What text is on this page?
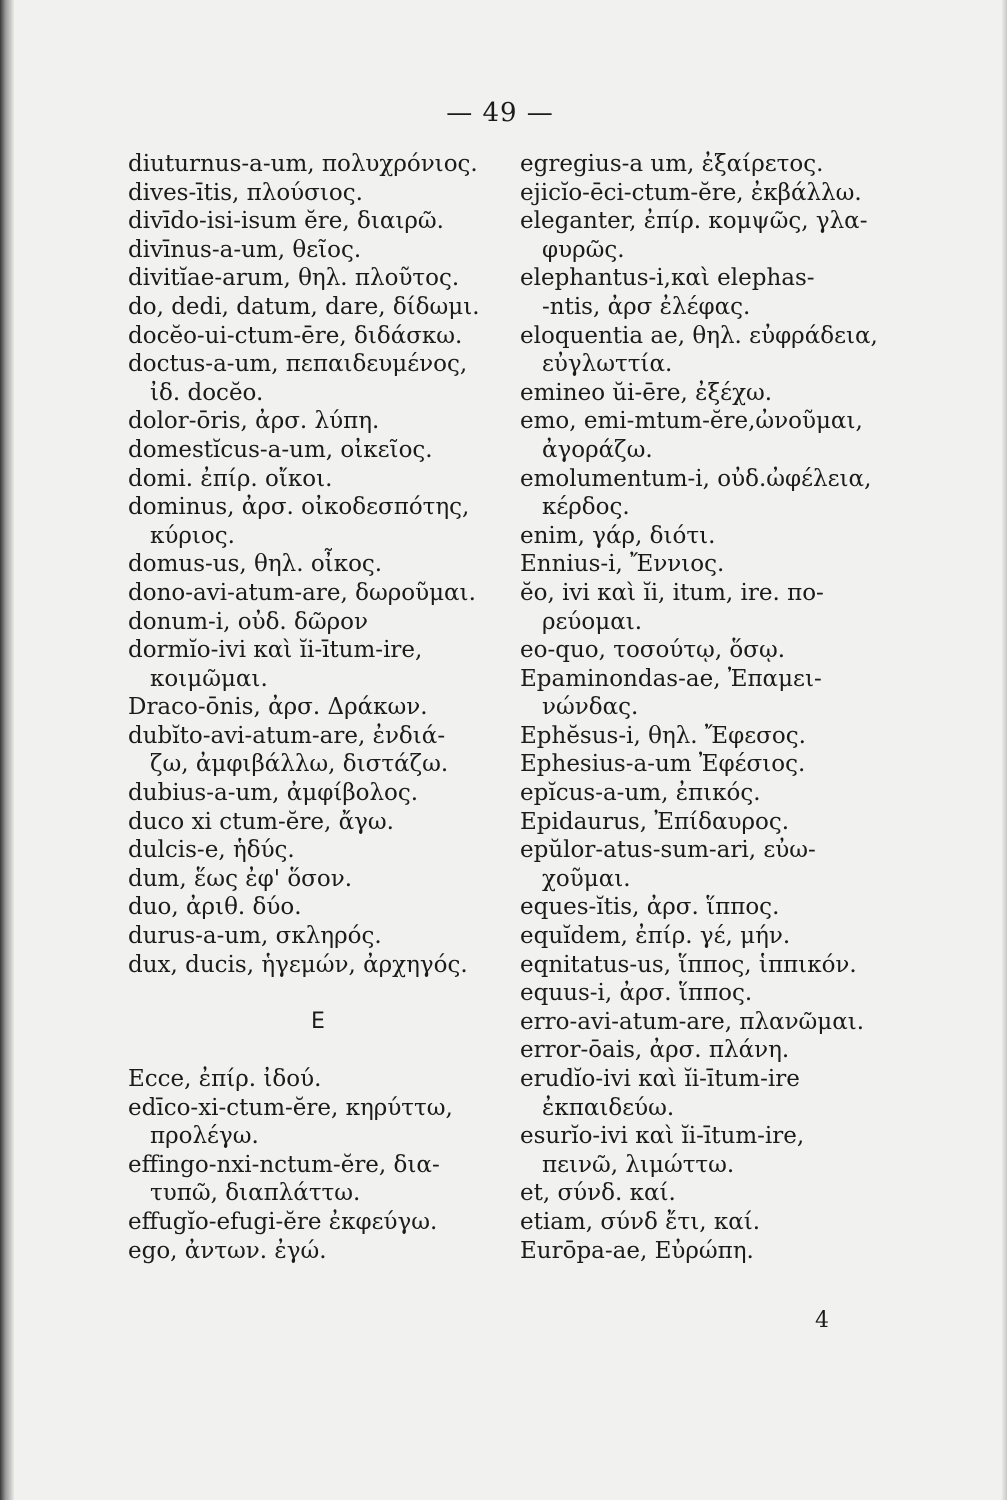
— 49 —
diuturnus-a-um, πολυχρόνιος.
dives-ītis, πλούσιος.
divīdo-isi-isum ĕre, διαιρῶ.
divīnus-a-um, θεῖος.
divitĭae-arum, θηλ. πλοῦτος.
do, dedi, datum, dare, δίδωμι.
docĕo-ui-ctum-ēre, διδάσκω.
doctus-a-um, πεπαιδευμένος,
ἰδ. docĕo.
dolor-ōris, ἀρσ. λύπη.
domestĭcus-a-um, οἰκεῖος.
domi. ἐπίρ. οἴκοι.
dominus, ἀρσ. οἰκοδεσπότης,
κύριος.
domus-us, θηλ. οἶκος.
dono-avi-atum-are, δωροῦμαι.
donum-i, οὐδ. δῶρον
dormĭo-ivi καὶ ĭi-ītum-ire,
κοιμῶμαι.
Draco-ōnis, ἀρσ. Δράκων.
dubĭto-avi-atum-are, ἐνδιά-
ζω, ἀμφιβάλλω, διστάζω.
dubius-a-um, ἀμφίβολος.
duco xi ctum-ĕre, ἄγω.
dulcis-e, ἡδύς.
dum, ἕως ἐφ' ὅσον.
duo, ἀριθ. δύο.
durus-a-um, σκληρός.
dux, ducis, ἡγεμών, ἀρχηγός.
E
Ecce, ἐπίρ. ἰδού.
edīco-xi-ctum-ĕre, κηρύττω,
προλέγω.
effingo-nxi-nctum-ĕre, δια-
τυπῶ, διαπλάττω.
effugĭo-efugi-ĕre ἐκφεύγω.
ego, ἀντων. ἐγώ.
egregius-a um, ἐξαίρετος.
ejicĭo-ēci-ctum-ĕre, ἐκβάλλω.
eleganter, ἐπίρ. κομψῶς, γλα-
φυρῶς.
elephantus-i,καὶ elephas-
-ntis, ἀρσ ἐλέφας.
eloquentia ae, θηλ. εὐφράδεια,
εὐγλωττία.
emineo ŭi-ēre, ἐξέχω.
emo, emi-mtum-ĕre,ὠνοῦμαι,
ἀγοράζω.
emolumentum-i, οὐδ.ὠφέλεια,
κέρδος.
enim, γάρ, διότι.
Ennius-i, Ἔννιος.
ĕo, ivi καὶ ĭi, itum, ire. πο-
ρεύομαι.
eo-quo, τοσούτῳ, ὅσῳ.
Epaminondas-ae, Ἐπαμει-
νώνδας.
Ephĕsus-i, θηλ. Ἔφεσος.
Ephesius-a-um Ἐφέσιος.
epĭcus-a-um, ἐπικός.
Epidaurus, Ἐπίδαυρος.
epŭlor-atus-sum-ari, εὐω-
χοῦμαι.
eques-ĭtis, ἀρσ. ἵππος.
equĭdem, ἐπίρ. γέ, μήν.
eqnitatus-us, ἵππος, ἱππικόν.
equus-i, ἀρσ. ἵππος.
erro-avi-atum-are, πλανῶμαι.
error-ōais, ἀρσ. πλάνη.
erudĭo-ivi καὶ ĭi-ītum-ire
ἐκπαιδεύω.
esurĭo-ivi καὶ ĭi-ītum-ire,
πεινῶ, λιμώττω.
et, σύνδ. καί.
etiam, σύνδ ἔτι, καί.
Eurōpa-ae, Εὐρώπη.
4
